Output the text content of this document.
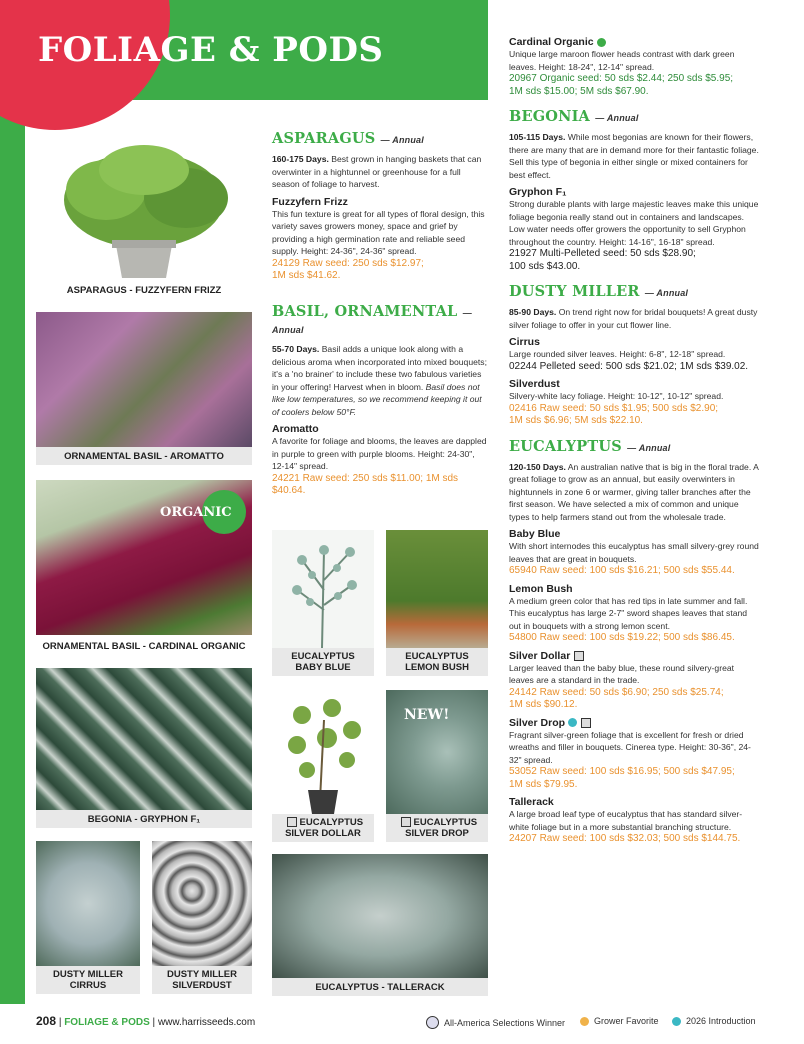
FOLIAGE & PODS
ASPARAGUS - FUZZYFERN FRIZZ
ORNAMENTAL BASIL - AROMATTO
ORGANIC
ORNAMENTAL BASIL - CARDINAL ORGANIC
BEGONIA - GRYPHON F₁
DUSTY MILLER
CIRRUS
DUSTY MILLER
SILVERDUST
EUCALYPTUS
BABY BLUE
EUCALYPTUS
LEMON BUSH
EUCALYPTUS
SILVER DOLLAR
NEW!
EUCALYPTUS
SILVER DROP
EUCALYPTUS - TALLERACK
ASPARAGUS — Annual
160-175 Days. Best grown in hanging baskets that can overwinter in a hightunnel or greenhouse for a full season of foliage to harvest.
Fuzzyfern Frizz
This fun texture is great for all types of floral design, this variety saves growers money, space and grief by providing a high germination rate and reliable seed supply. Height: 24-36", 24-36" spread.
24129 Raw seed: 250 sds $12.97;
1M sds $41.62.
BASIL, ORNAMENTAL — Annual
55-70 Days. Basil adds a unique look along with a delicious aroma when incorporated into mixed bouquets; it's a 'no brainer' to include these two fabulous varieties in your offering! Harvest when in bloom. Basil does not like low temperatures, so we recommend keeping it out of coolers below 50°F.
Aromatto
A favorite for foliage and blooms, the leaves are dappled in purple to green with purple blooms. Height: 24-30", 12-14" spread.
24221 Raw seed: 250 sds $11.00; 1M sds $40.64.
Cardinal Organic
Unique large maroon flower heads contrast with dark green leaves. Height: 18-24", 12-14" spread.
20967 Organic seed: 50 sds $2.44; 250 sds $5.95;
1M sds $15.00; 5M sds $67.90.
BEGONIA — Annual
105-115 Days. While most begonias are known for their flowers, there are many that are in demand more for their fantastic foliage. Sell this type of begonia in either single or mixed containers for best effect.
Gryphon F₁
Strong durable plants with large majestic leaves make this unique foliage begonia really stand out in containers and landscapes. Low water needs offer growers the opportunity to sell Gryphon throughout the country. Height: 14-16", 16-18" spread.
21927 Multi-Pelleted seed: 50 sds $28.90;
100 sds $43.00.
DUSTY MILLER — Annual
85-90 Days. On trend right now for bridal bouquets! A great dusty silver foliage to offer in your cut flower line.
Cirrus
Large rounded silver leaves. Height: 6-8", 12-18" spread.
02244 Pelleted seed: 500 sds $21.02; 1M sds $39.02.
Silverdust
Silvery-white lacy foliage. Height: 10-12", 10-12" spread.
02416 Raw seed: 50 sds $1.95; 500 sds $2.90;
1M sds $6.96; 5M sds $22.10.
EUCALYPTUS — Annual
120-150 Days. An australian native that is big in the floral trade. A great foliage to grow as an annual, but easily overwinters in hightunnels in zone 6 or warmer, giving taller branches after the first season. We have selected a mix of common and unique types to help farmers stand out from the wholesale trade.
Baby Blue
With short internodes this eucalyptus has small silvery-grey round leaves that are great in bouquets.
65940 Raw seed: 100 sds $16.21; 500 sds $55.44.
Lemon Bush
A medium green color that has red tips in late summer and fall. This eucalyptus has large 2-7" sword shapes leaves that stand out in bouquets with a strong lemon scent.
54800 Raw seed: 100 sds $19.22; 500 sds $86.45.
Silver Dollar
Larger leaved than the baby blue, these round silvery-great leaves are a standard in the trade.
24142 Raw seed: 50 sds $6.90; 250 sds $25.74;
1M sds $90.12.
Silver Drop
Fragrant silver-green foliage that is excellent for fresh or dried wreaths and filler in bouquets. Cinerea type. Height: 30-36", 24-32" spread.
53052 Raw seed: 100 sds $16.95; 500 sds $47.95;
1M sds $79.95.
Tallerack
A large broad leaf type of eucalyptus that has standard silver-white foliage but in a more substantial branching structure.
24207 Raw seed: 100 sds $32.03; 500 sds $144.75.
208 | FOLIAGE & PODS | www.harrisseeds.com	All-America Selections Winner	Grower Favorite	2026 Introduction
